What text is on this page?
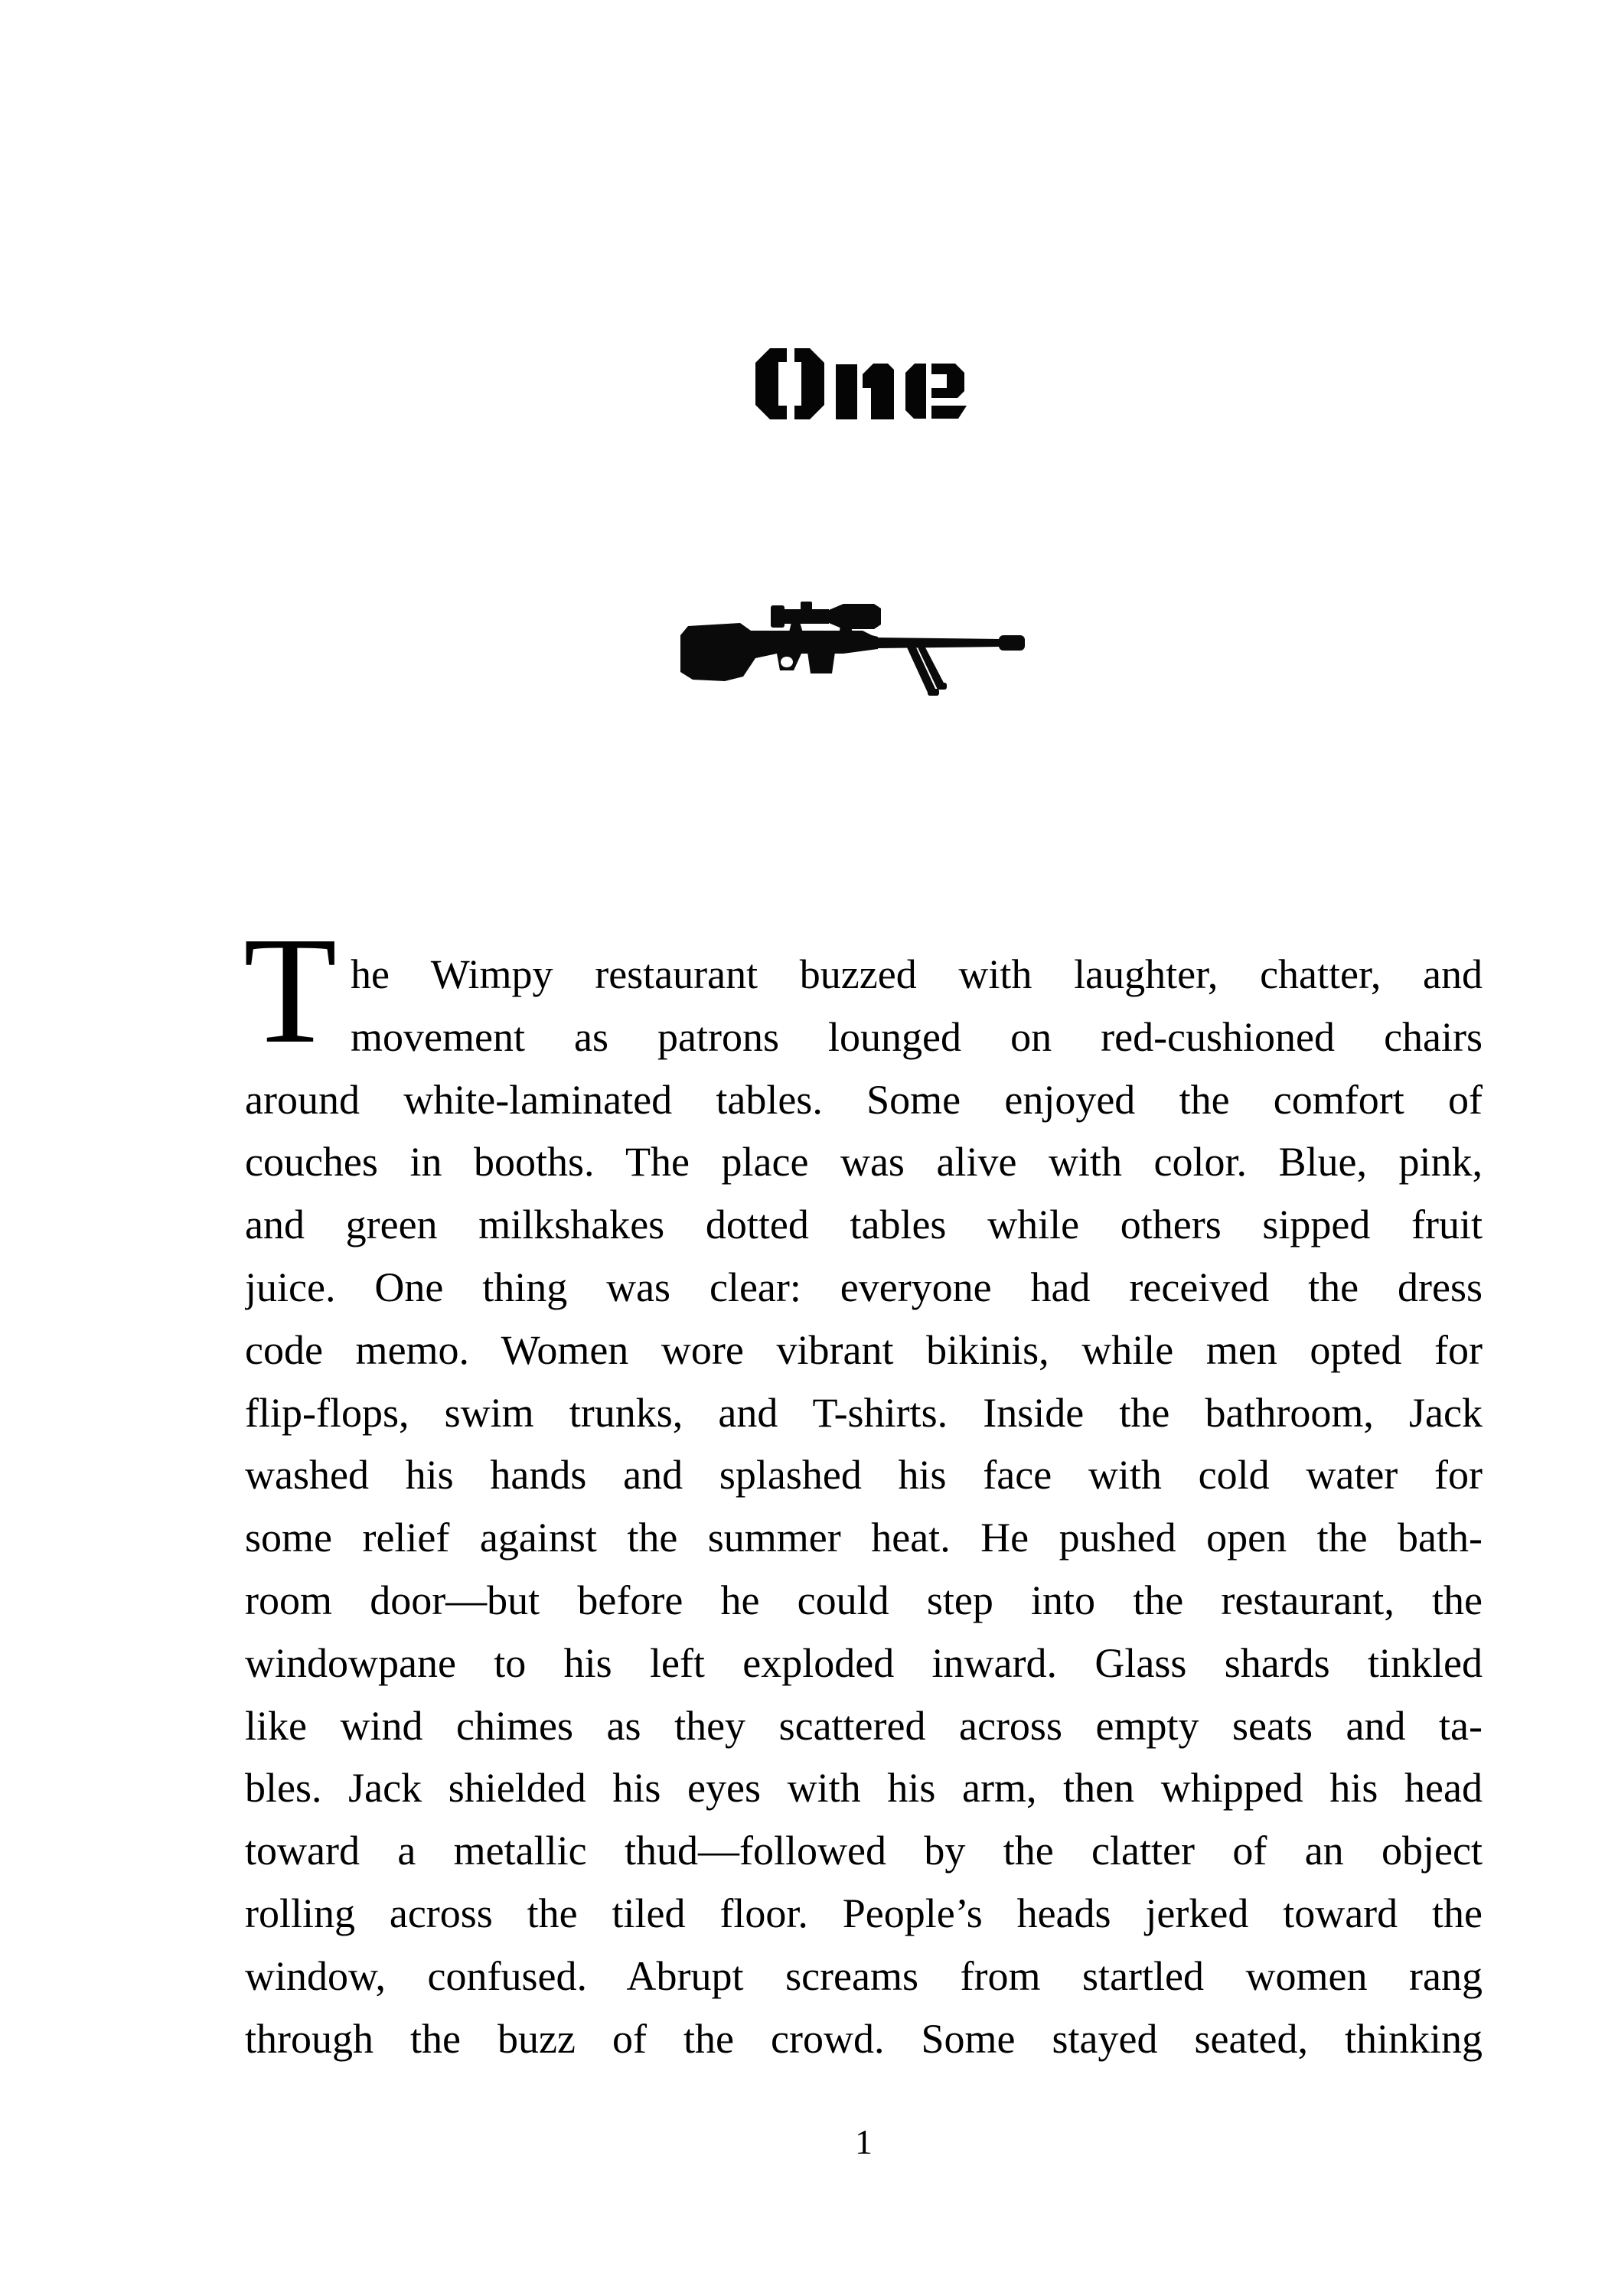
T he Wimpy restaurant buzzed with laughter, chatter, and
movement as patrons lounged on red-cushioned chairs
around white-laminated tables. Some enjoyed the comfort of
couches in booths. The place was alive with color. Blue, pink,
and green milkshakes dotted tables while others sipped fruit
juice. One thing was clear: everyone had received the dress
code memo. Women wore vibrant bikinis, while men opted for
flip-flops, swim trunks, and T-shirts. Inside the bathroom, Jack
washed his hands and splashed his face with cold water for
some relief against the summer heat. He pushed open the bath-
room door—but before he could step into the restaurant, the
windowpane to his left exploded inward. Glass shards tinkled
like wind chimes as they scattered across empty seats and ta-
bles. Jack shielded his eyes with his arm, then whipped his head
toward a metallic thud—followed by the clatter of an object
rolling across the tiled floor. People’s heads jerked toward the
window, confused. Abrupt screams from startled women rang
through the buzz of the crowd. Some stayed seated, thinking
1
